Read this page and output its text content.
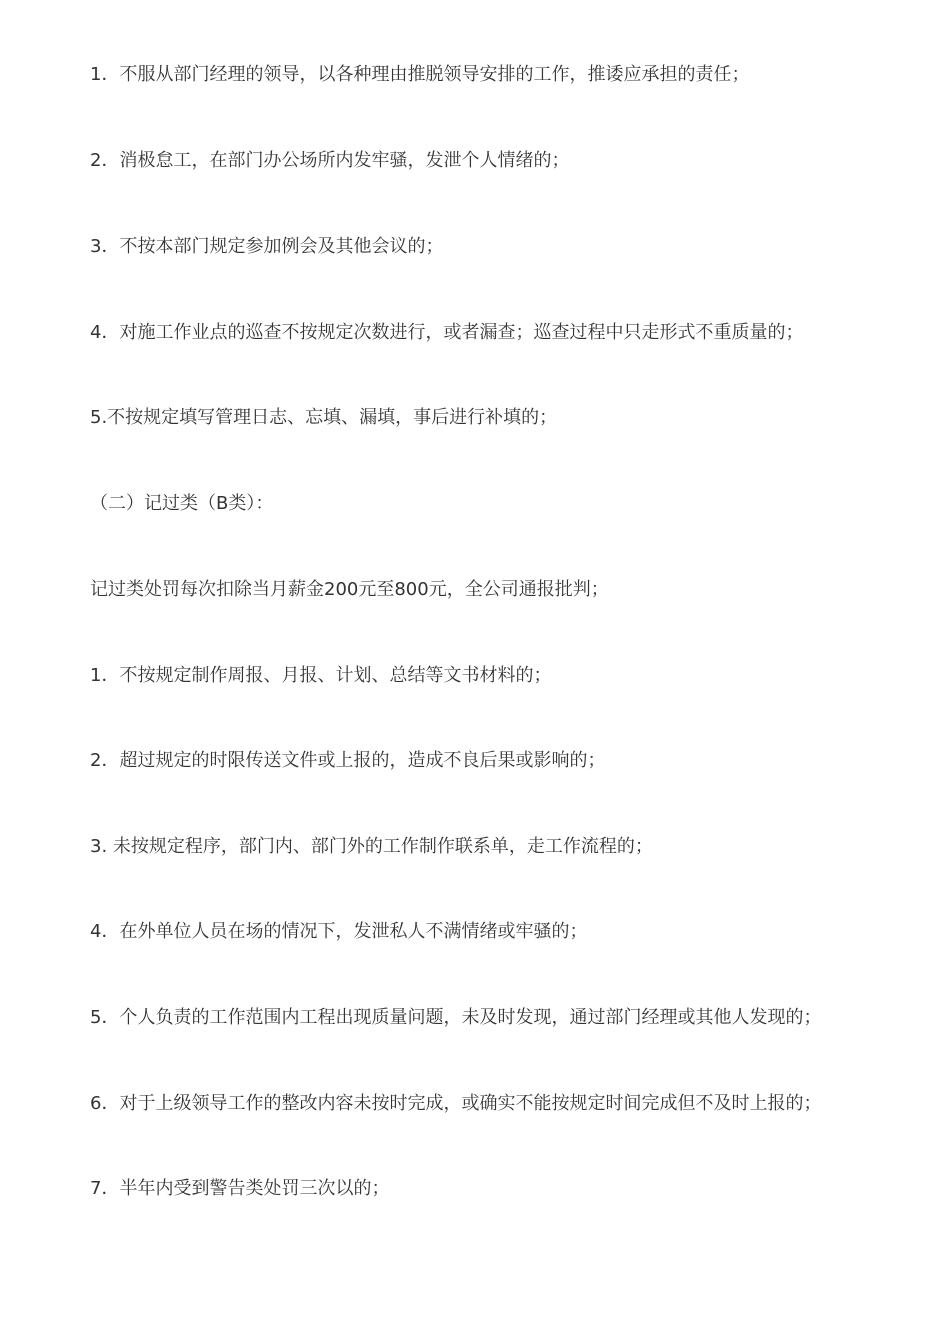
1．不服从部门经理的领导，以各种理由推脱领导安排的工作，推诿应承担的责任；
2．消极怠工，在部门办公场所内发牢骚，发泄个人情绪的；
3．不按本部门规定参加例会及其他会议的；
4．对施工作业点的巡查不按规定次数进行，或者漏查；巡查过程中只走形式不重质量的；
5.不按规定填写管理日志、忘填、漏填，事后进行补填的；
（二）记过类（B类）：
记过类处罚每次扣除当月薪金200元至800元，全公司通报批判；
1．不按规定制作周报、月报、计划、总结等文书材料的；
2．超过规定的时限传送文件或上报的，造成不良后果或影响的；
3. 未按规定程序，部门内、部门外的工作制作联系单，走工作流程的；
4．在外单位人员在场的情况下，发泄私人不满情绪或牢骚的；
5．个人负责的工作范围内工程出现质量问题，未及时发现，通过部门经理或其他人发现的；
6．对于上级领导工作的整改内容未按时完成，或确实不能按规定时间完成但不及时上报的；
7．半年内受到警告类处罚三次以的；
